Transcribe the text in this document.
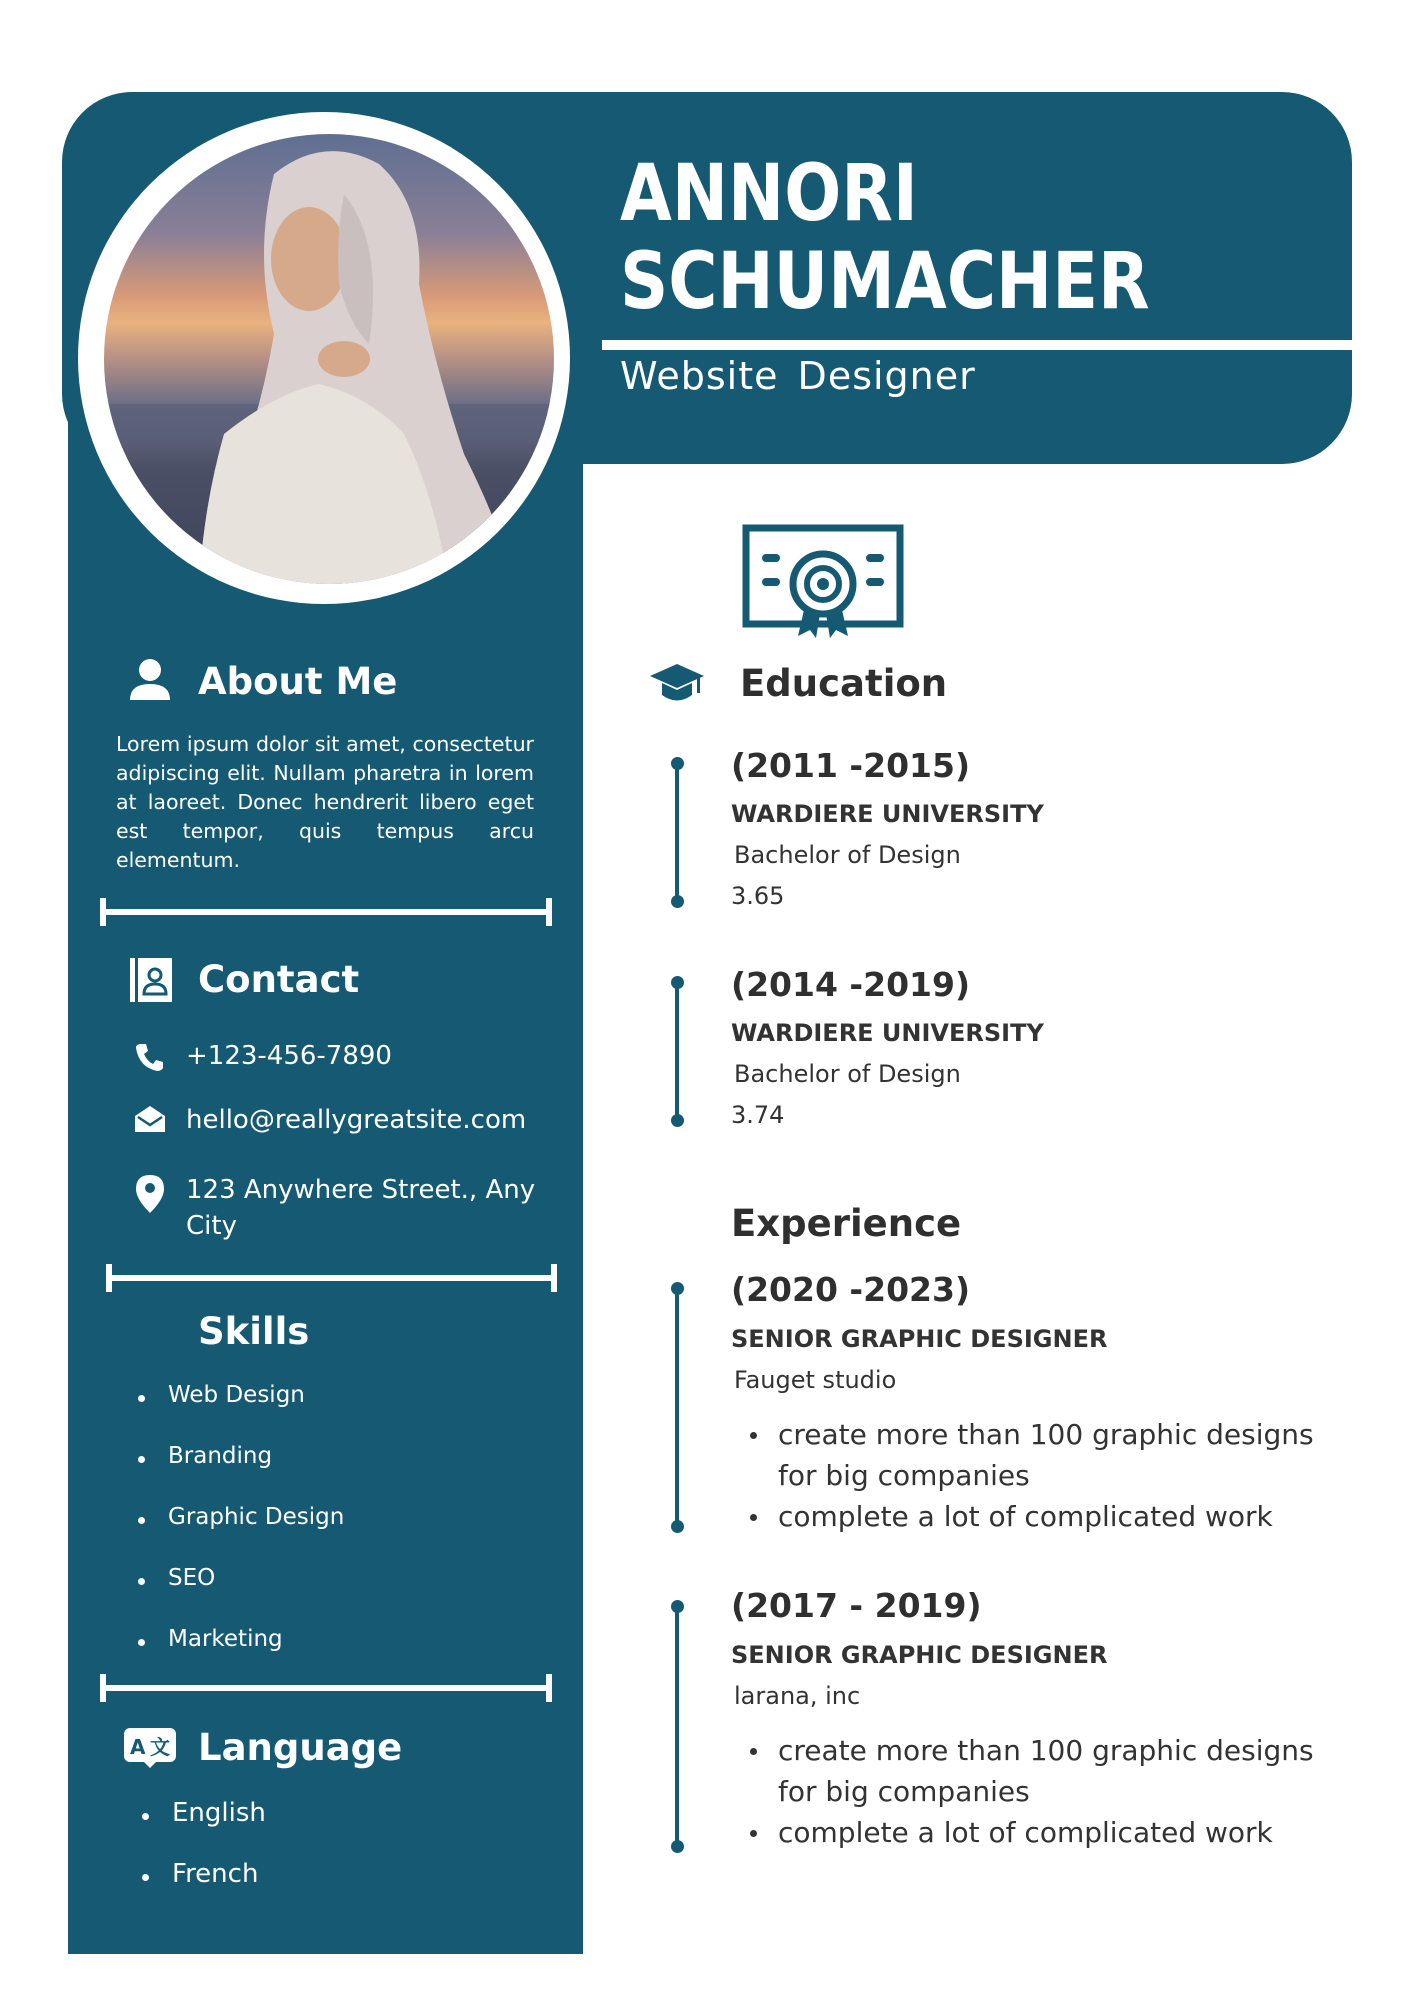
ANNORI
SCHUMACHER
Website Designer
About Me
Lorem ipsum dolor sit amet, consectetur adipiscing elit. Nullam pharetra in lorem at laoreet. Donec hendrerit libero eget est tempor, quis tempus arcu elementum.
Contact
+123-456-7890
hello@reallygreatsite.com
123 Anywhere Street., Any
City
Skills
Web Design
Branding
Graphic Design
SEO
Marketing
A 文 Language
English
French
Education
(2011 -2015)
WARDIERE UNIVERSITY
Bachelor of Design
3.65
(2014 -2019)
WARDIERE UNIVERSITY
Bachelor of Design
3.74
Experience
(2020 -2023)
SENIOR GRAPHIC DESIGNER
Fauget studio
create more than 100 graphic designs for big companies
complete a lot of complicated work
(2017 - 2019)
SENIOR GRAPHIC DESIGNER
larana, inc
create more than 100 graphic designs for big companies
complete a lot of complicated work
